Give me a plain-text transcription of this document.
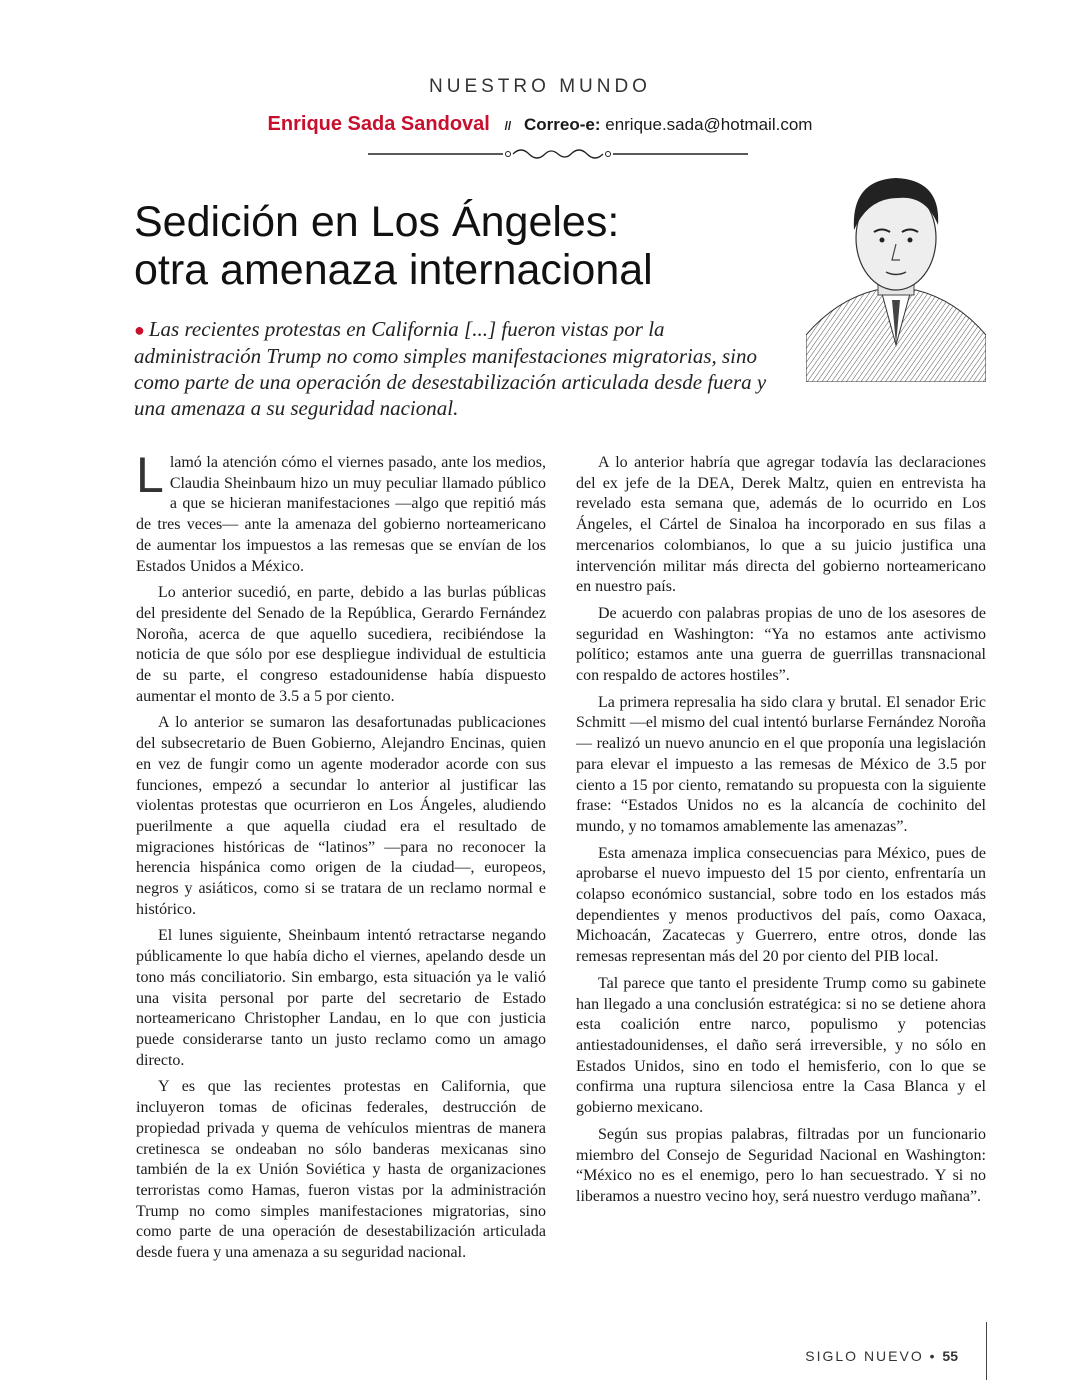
NUESTRO MUNDO
Enrique Sada Sandoval // Correo-e: enrique.sada@hotmail.com
Sedición en Los Ángeles:
otra amenaza internacional

● Las recientes protestas en California [...] fueron vistas por la administración Trump no como simples manifestaciones migratorias, sino como parte de una operación de desestabilización articulada desde fuera y una amenaza a su seguridad nacional.

Llamó la atención cómo el viernes pasado, ante los medios, Claudia Sheinbaum hizo un muy peculiar llamado público a que se hicieran manifestaciones —algo que repitió más de tres veces— ante la amenaza del gobierno norteamericano de aumentar los impuestos a las remesas que se envían de los Estados Unidos a México.

Lo anterior sucedió, en parte, debido a las burlas públicas del presidente del Senado de la República, Gerardo Fernández Noroña, acerca de que aquello sucediera, recibiéndose la noticia de que sólo por ese despliegue individual de estulticia de su parte, el congreso estadounidense había dispuesto aumentar el monto de 3.5 a 5 por ciento.

A lo anterior se sumaron las desafortunadas publicaciones del subsecretario de Buen Gobierno, Alejandro Encinas, quien en vez de fungir como un agente moderador acorde con sus funciones, empezó a secundar lo anterior al justificar las violentas protestas que ocurrieron en Los Ángeles, aludiendo puerilmente a que aquella ciudad era el resultado de migraciones históricas de “latinos” —para no reconocer la herencia hispánica como origen de la ciudad—, europeos, negros y asiáticos, como si se tratara de un reclamo normal e histórico.

El lunes siguiente, Sheinbaum intentó retractarse negando públicamente lo que había dicho el viernes, apelando desde un tono más conciliatorio. Sin embargo, esta situación ya le valió una visita personal por parte del secretario de Estado norteamericano Christopher Landau, en lo que con justicia puede considerarse tanto un justo reclamo como un amago directo.

Y es que las recientes protestas en California, que incluyeron tomas de oficinas federales, destrucción de propiedad privada y quema de vehículos mientras de manera cretinesca se ondeaban no sólo banderas mexicanas sino también de la ex Unión Soviética y hasta de organizaciones terroristas como Hamas, fueron vistas por la administración Trump no como simples manifestaciones migratorias, sino como parte de una operación de desestabilización articulada desde fuera y una amenaza a su seguridad nacional.

A lo anterior habría que agregar todavía las declaraciones del ex jefe de la DEA, Derek Maltz, quien en entrevista ha revelado esta semana que, además de lo ocurrido en Los Ángeles, el Cártel de Sinaloa ha incorporado en sus filas a mercenarios colombianos, lo que a su juicio justifica una intervención militar más directa del gobierno norteamericano en nuestro país.

De acuerdo con palabras propias de uno de los asesores de seguridad en Washington: “Ya no estamos ante activismo político; estamos ante una guerra de guerrillas transnacional con respaldo de actores hostiles”.

La primera represalia ha sido clara y brutal. El senador Eric Schmitt —el mismo del cual intentó burlarse Fernández Noroña— realizó un nuevo anuncio en el que proponía una legislación para elevar el impuesto a las remesas de México de 3.5 por ciento a 15 por ciento, rematando su propuesta con la siguiente frase: “Estados Unidos no es la alcancía de cochinito del mundo, y no tomamos amablemente las amenazas”.

Esta amenaza implica consecuencias para México, pues de aprobarse el nuevo impuesto del 15 por ciento, enfrentaría un colapso económico sustancial, sobre todo en los estados más dependientes y menos productivos del país, como Oaxaca, Michoacán, Zacatecas y Guerrero, entre otros, donde las remesas representan más del 20 por ciento del PIB local.

Tal parece que tanto el presidente Trump como su gabinete han llegado a una conclusión estratégica: si no se detiene ahora esta coalición entre narco, populismo y potencias antiestadounidenses, el daño será irreversible, y no sólo en Estados Unidos, sino en todo el hemisferio, con lo que se confirma una ruptura silenciosa entre la Casa Blanca y el gobierno mexicano.

Según sus propias palabras, filtradas por un funcionario miembro del Consejo de Seguridad Nacional en Washington: “México no es el enemigo, pero lo han secuestrado. Y si no liberamos a nuestro vecino hoy, será nuestro verdugo mañana”.

SIGLO NUEVO • 55
